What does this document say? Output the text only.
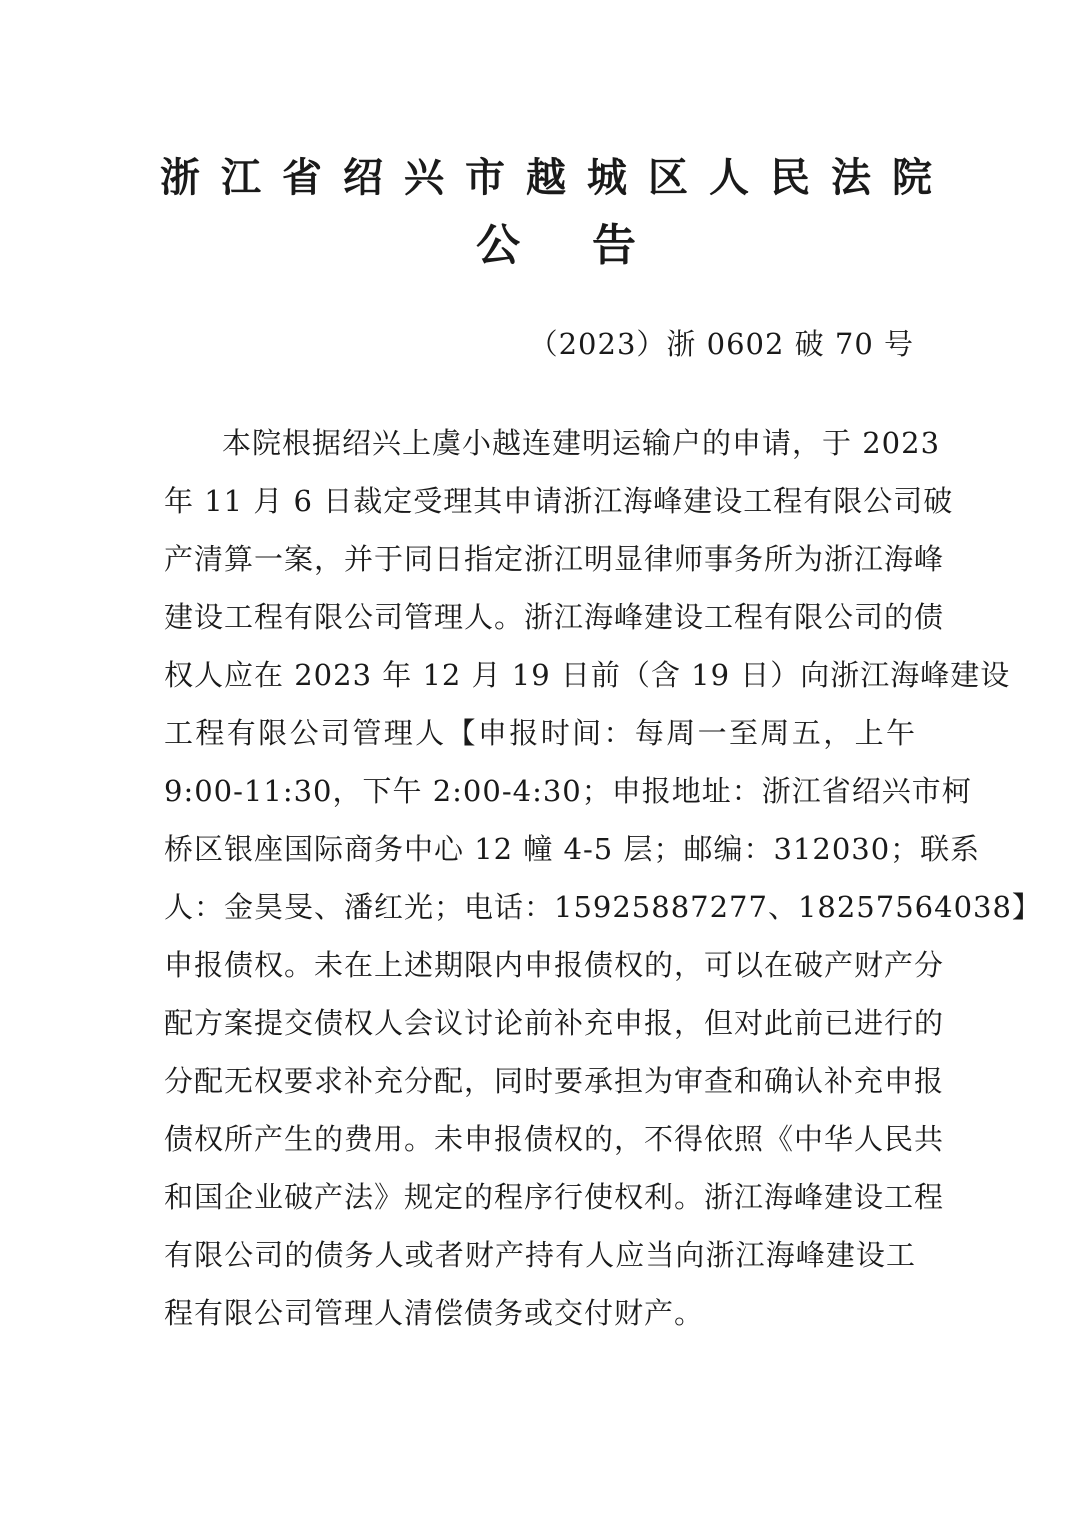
浙江省绍兴市越城区人民法院
公告
（2023）浙 0602 破 70 号
本院根据绍兴上虞小越连建明运输户的申请，于 2023
年 11 月 6 日裁定受理其申请浙江海峰建设工程有限公司破
产清算一案，并于同日指定浙江明显律师事务所为浙江海峰
建设工程有限公司管理人。浙江海峰建设工程有限公司的债
权人应在 2023 年 12 月 19 日前（含 19 日）向浙江海峰建设
工程有限公司管理人【申报时间：每周一至周五，上午
9:00-11:30，下午 2:00-4:30；申报地址：浙江省绍兴市柯
桥区银座国际商务中心 12 幢 4-5 层；邮编：312030；联系
人：金昊旻、潘红光；电话：15925887277、18257564038】
申报债权。未在上述期限内申报债权的，可以在破产财产分
配方案提交债权人会议讨论前补充申报，但对此前已进行的
分配无权要求补充分配，同时要承担为审查和确认补充申报
债权所产生的费用。未申报债权的，不得依照《中华人民共
和国企业破产法》规定的程序行使权利。浙江海峰建设工程
有限公司的债务人或者财产持有人应当向浙江海峰建设工
程有限公司管理人清偿债务或交付财产。
